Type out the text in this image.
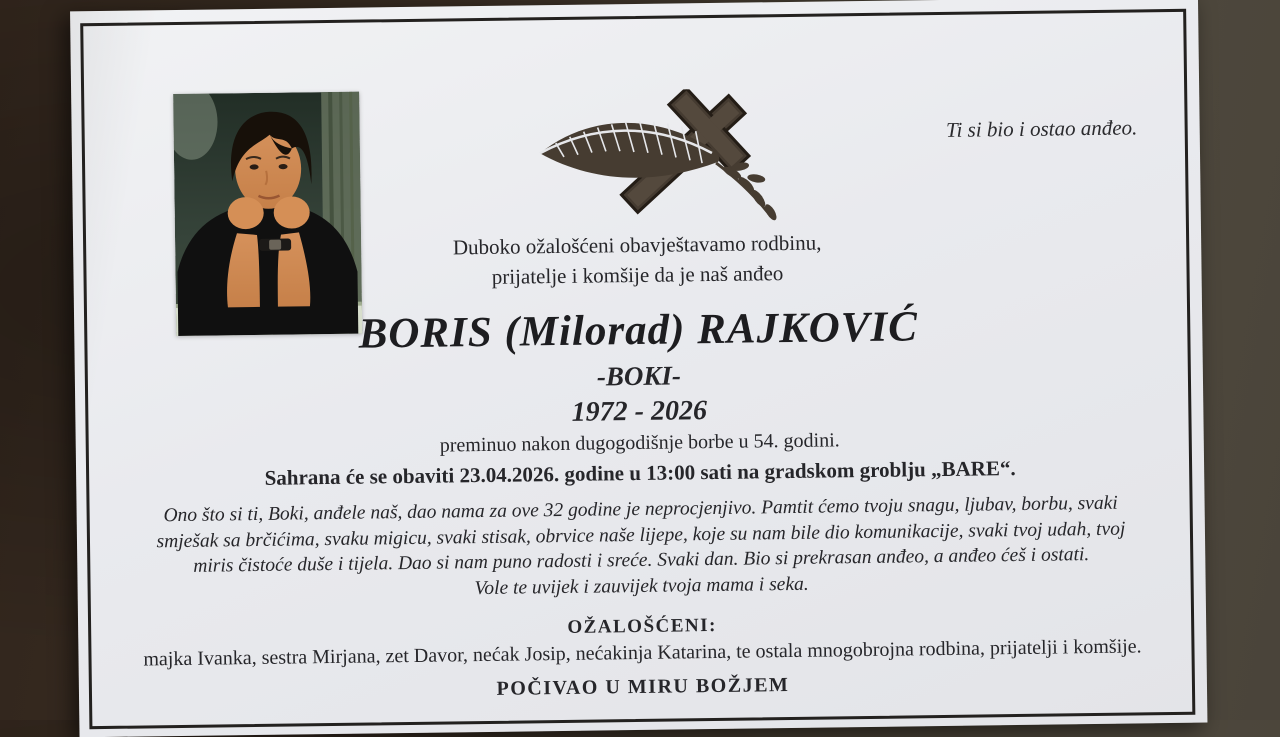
Ti si bio i ostao anđeo.
Duboko ožalošćeni obavještavamo rodbinu,
prijatelje i komšije da je naš anđeo
BORIS (Milorad) RAJKOVIĆ
-BOKI-
1972 - 2026
preminuo nakon dugogodišnje borbe u 54. godini.
Sahrana će se obaviti 23.04.2026. godine u 13:00 sati na gradskom groblju „BARE“.
Ono što si ti, Boki, anđele naš, dao nama za ove 32 godine je neprocjenjivo. Pamtit ćemo tvoju snagu, ljubav, borbu, svaki
smješak sa brčićima, svaku migicu, svaki stisak, obrvice naše lijepe, koje su nam bile dio komunikacije, svaki tvoj udah, tvoj
miris čistoće duše i tijela. Dao si nam puno radosti i sreće. Svaki dan. Bio si prekrasan anđeo, a anđeo ćeš i ostati.
Vole te uvijek i zauvijek tvoja mama i seka.
OŽALOŠĆENI:
majka Ivanka, sestra Mirjana, zet Davor, nećak Josip, nećakinja Katarina, te ostala mnogobrojna rodbina, prijatelji i komšije.
POČIVAO U MIRU BOŽJEM
